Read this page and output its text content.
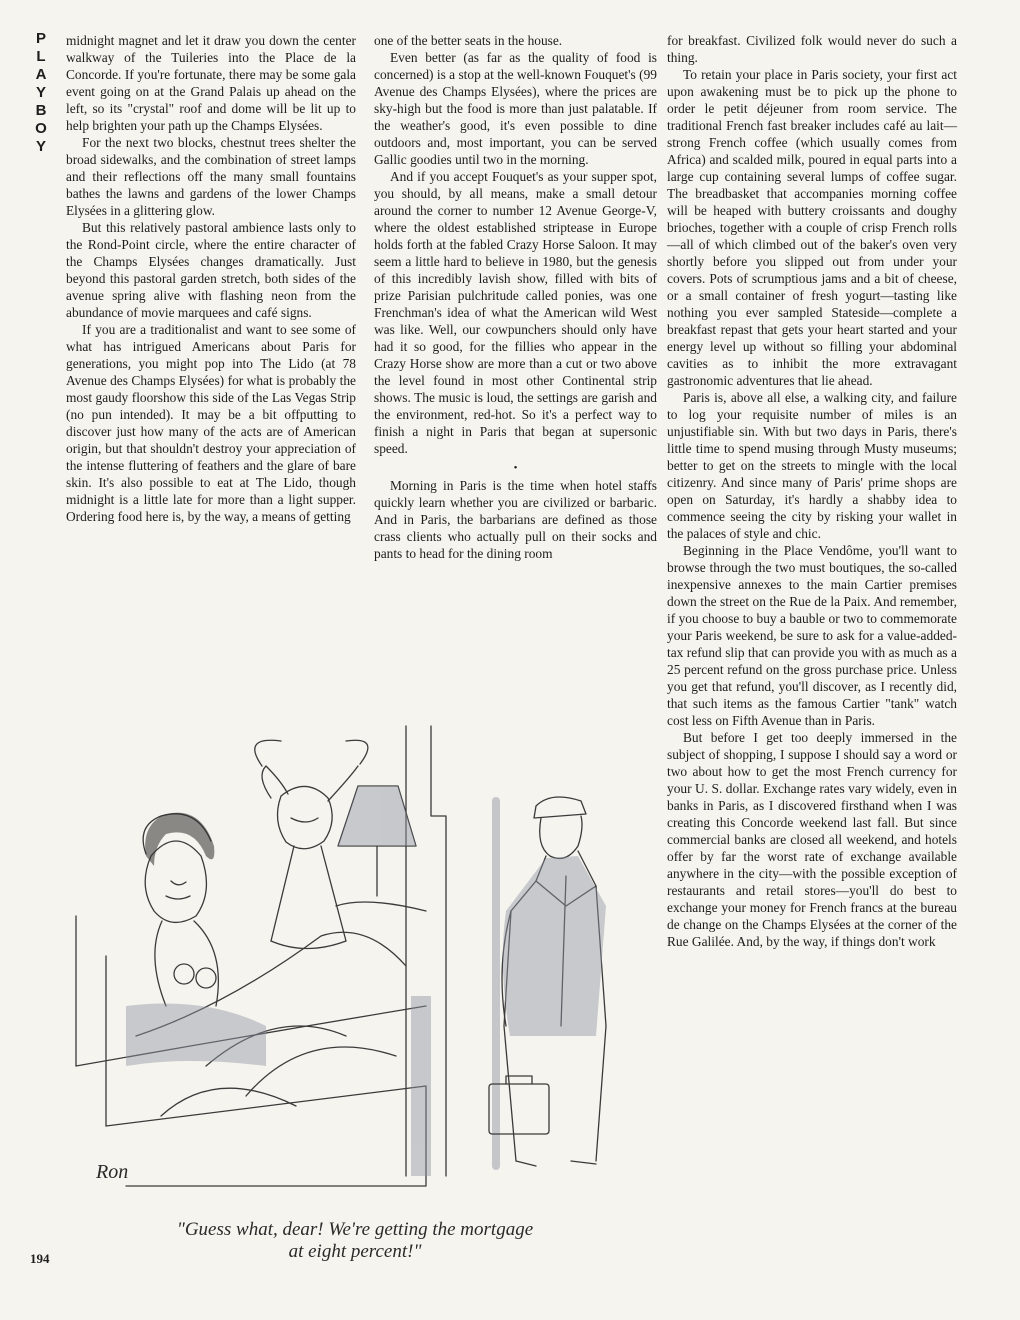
P
L
A
Y
B
O
Y

midnight magnet and let it draw you down the center walkway of the Tuileries into the Place de la Concorde. If you're fortunate, there may be some gala event going on at the Grand Palais up ahead on the left, so its "crystal" roof and dome will be lit up to help brighten your path up the Champs Elysées.

For the next two blocks, chestnut trees shelter the broad sidewalks, and the combination of street lamps and their reflections off the many small fountains bathes the lawns and gardens of the lower Champs Elysées in a glittering glow.

But this relatively pastoral ambience lasts only to the Rond-Point circle, where the entire character of the Champs Elysées changes dramatically. Just beyond this pastoral garden stretch, both sides of the avenue spring alive with flashing neon from the abundance of movie marquees and café signs.

If you are a traditionalist and want to see some of what has intrigued Americans about Paris for generations, you might pop into The Lido (at 78 Avenue des Champs Elysées) for what is probably the most gaudy floorshow this side of the Las Vegas Strip (no pun intended). It may be a bit offputting to discover just how many of the acts are of American origin, but that shouldn't destroy your appreciation of the intense fluttering of feathers and the glare of bare skin. It's also possible to eat at The Lido, though midnight is a little late for more than a light supper. Ordering food here is, by the way, a means of getting

one of the better seats in the house.

Even better (as far as the quality of food is concerned) is a stop at the well-known Fouquet's (99 Avenue des Champs Elysées), where the prices are sky-high but the food is more than just palatable. If the weather's good, it's even possible to dine outdoors and, most important, you can be served Gallic goodies until two in the morning.

And if you accept Fouquet's as your supper spot, you should, by all means, make a small detour around the corner to number 12 Avenue George-V, where the oldest established striptease in Europe holds forth at the fabled Crazy Horse Saloon. It may seem a little hard to believe in 1980, but the genesis of this incredibly lavish show, filled with bits of prize Parisian pulchritude called ponies, was one Frenchman's idea of what the American wild West was like. Well, our cowpunchers should only have had it so good, for the fillies who appear in the Crazy Horse show are more than a cut or two above the level found in most other Continental strip shows. The music is loud, the settings are garish and the environment, red-hot. So it's a perfect way to finish a night in Paris that began at supersonic speed.

•

Morning in Paris is the time when hotel staffs quickly learn whether you are civilized or barbaric. And in Paris, the barbarians are defined as those crass clients who actually pull on their socks and pants to head for the dining room

for breakfast. Civilized folk would never do such a thing.

To retain your place in Paris society, your first act upon awakening must be to pick up the phone to order le petit déjeuner from room service. The traditional French fast breaker includes café au lait—strong French coffee (which usually comes from Africa) and scalded milk, poured in equal parts into a large cup containing several lumps of coffee sugar. The breadbasket that accompanies morning coffee will be heaped with buttery croissants and doughy brioches, together with a couple of crisp French rolls—all of which climbed out of the baker's oven very shortly before you slipped out from under your covers. Pots of scrumptious jams and a bit of cheese, or a small container of fresh yogurt—tasting like nothing you ever sampled Stateside—complete a breakfast repast that gets your heart started and your energy level up without so filling your abdominal cavities as to inhibit the more extravagant gastronomic adventures that lie ahead.

Paris is, above all else, a walking city, and failure to log your requisite number of miles is an unjustifiable sin. With but two days in Paris, there's little time to spend musing through Musty museums; better to get on the streets to mingle with the local citizenry. And since many of Paris' prime shops are open on Saturday, it's hardly a shabby idea to commence seeing the city by risking your wallet in the palaces of style and chic.

Beginning in the Place Vendôme, you'll want to browse through the two must boutiques, the so-called inexpensive annexes to the main Cartier premises down the street on the Rue de la Paix. And remember, if you choose to buy a bauble or two to commemorate your Paris weekend, be sure to ask for a value-added-tax refund slip that can provide you with as much as a 25 percent refund on the gross purchase price. Unless you get that refund, you'll discover, as I recently did, that such items as the famous Cartier "tank" watch cost less on Fifth Avenue than in Paris.

But before I get too deeply immersed in the subject of shopping, I suppose I should say a word or two about how to get the most French currency for your U. S. dollar. Exchange rates vary widely, even in banks in Paris, as I discovered firsthand when I was creating this Concorde weekend last fall. But since commercial banks are closed all weekend, and hotels offer by far the worst rate of exchange available anywhere in the city—with the possible exception of restaurants and retail stores—you'll do best to exchange your money for French francs at the bureau de change on the Champs Elysées at the corner of the Rue Galilée. And, by the way, if things don't work

Ron
"Guess what, dear! We're getting the mortgage
at eight percent!"
194
